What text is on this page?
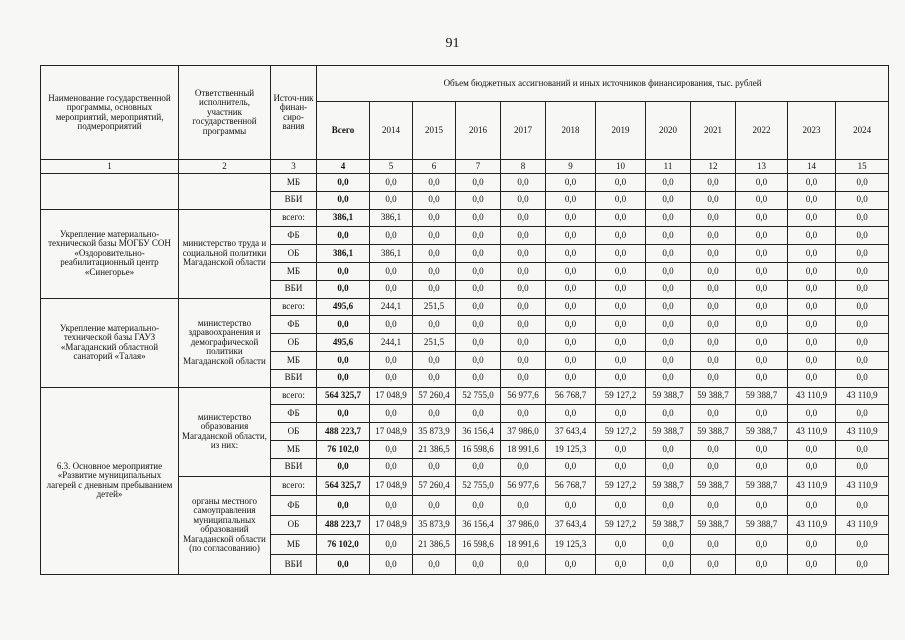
91
Наименование государственной программы, основных мероприятий, мероприятий, подмероприятий	Ответственный исполнитель, участник государственной программы	Источ-ник финан-сиро-вания	Объем бюджетных ассигнований и иных источников финансирования, тыс. рублей											
			Всего	2014	2015	2016	2017	2018	2019	2020	2021	2022	2023	2024
1	2	3	4	5	6	7	8	9	10	11	12	13	14	15
		МБ	0,0	0,0	0,0	0,0	0,0	0,0	0,0	0,0	0,0	0,0	0,0	0,0
		ВБИ	0,0	0,0	0,0	0,0	0,0	0,0	0,0	0,0	0,0	0,0	0,0	0,0
Укрепление материально-технической базы МОГБУ СОН «Оздоровительно-реабилитационный центр «Синегорье»	министерство труда и социальной политики Магаданской области	всего:	386,1	386,1	0,0	0,0	0,0	0,0	0,0	0,0	0,0	0,0	0,0	0,0
		ФБ	0,0	0,0	0,0	0,0	0,0	0,0	0,0	0,0	0,0	0,0	0,0	0,0
		ОБ	386,1	386,1	0,0	0,0	0,0	0,0	0,0	0,0	0,0	0,0	0,0	0,0
		МБ	0,0	0,0	0,0	0,0	0,0	0,0	0,0	0,0	0,0	0,0	0,0	0,0
		ВБИ	0,0	0,0	0,0	0,0	0,0	0,0	0,0	0,0	0,0	0,0	0,0	0,0
Укрепление материально-технической базы ГАУЗ «Магаданский областной санаторий «Талая»	министерство здравоохранения и демографической политики Магаданской области	всего:	495,6	244,1	251,5	0,0	0,0	0,0	0,0	0,0	0,0	0,0	0,0	0,0
		ФБ	0,0	0,0	0,0	0,0	0,0	0,0	0,0	0,0	0,0	0,0	0,0	0,0
		ОБ	495,6	244,1	251,5	0,0	0,0	0,0	0,0	0,0	0,0	0,0	0,0	0,0
		МБ	0,0	0,0	0,0	0,0	0,0	0,0	0,0	0,0	0,0	0,0	0,0	0,0
		ВБИ	0,0	0,0	0,0	0,0	0,0	0,0	0,0	0,0	0,0	0,0	0,0	0,0
6.3. Основное мероприятие «Развитие муниципальных лагерей с дневным пребыванием детей»	министерство образования Магаданской области, из них:	всего:	564 325,7	17 048,9	57 260,4	52 755,0	56 977,6	56 768,7	59 127,2	59 388,7	59 388,7	59 388,7	43 110,9	43 110,9
		ФБ	0,0	0,0	0,0	0,0	0,0	0,0	0,0	0,0	0,0	0,0	0,0	0,0
		ОБ	488 223,7	17 048,9	35 873,9	36 156,4	37 986,0	37 643,4	59 127,2	59 388,7	59 388,7	59 388,7	43 110,9	43 110,9
		МБ	76 102,0	0,0	21 386,5	16 598,6	18 991,6	19 125,3	0,0	0,0	0,0	0,0	0,0	0,0
		ВБИ	0,0	0,0	0,0	0,0	0,0	0,0	0,0	0,0	0,0	0,0	0,0	0,0
	органы местного самоуправления муниципальных образований Магаданской области (по согласованию)	всего:	564 325,7	17 048,9	57 260,4	52 755,0	56 977,6	56 768,7	59 127,2	59 388,7	59 388,7	59 388,7	43 110,9	43 110,9
		ФБ	0,0	0,0	0,0	0,0	0,0	0,0	0,0	0,0	0,0	0,0	0,0	0,0
		ОБ	488 223,7	17 048,9	35 873,9	36 156,4	37 986,0	37 643,4	59 127,2	59 388,7	59 388,7	59 388,7	43 110,9	43 110,9
		МБ	76 102,0	0,0	21 386,5	16 598,6	18 991,6	19 125,3	0,0	0,0	0,0	0,0	0,0	0,0
		ВБИ	0,0	0,0	0,0	0,0	0,0	0,0	0,0	0,0	0,0	0,0	0,0	0,0
